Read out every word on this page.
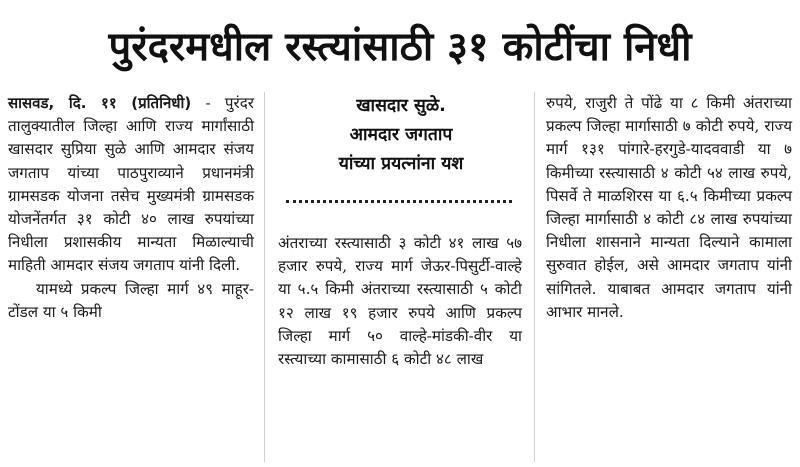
पुरंदरमधील रस्त्यांसाठी ३१ कोटींचा निधी

सासवड, दि. ११ (प्रतिनिधी) - पुरंदर तालुक्यातील जिल्हा आणि राज्य मार्गांसाठी खासदार सुप्रिया सुळे आणि आमदार संजय जगताप यांच्या पाठपुराव्याने प्रधानमंत्री ग्रामसडक योजना तसेच मुख्यमंत्री ग्रामसडक योजनेंतर्गत ३१ कोटी ४० लाख रुपयांच्या निधीला प्रशासकीय मान्यता मिळाल्याची माहिती आमदार संजय जगताप यांनी दिली.

यामध्ये प्रकल्प जिल्हा मार्ग ४९ माहूर-टोंडल या ५ किमी

खासदार सुळे.
आमदार जगताप
यांच्या प्रयत्नांना यश

अंतराच्या रस्त्यासाठी ३ कोटी ४१ लाख ५७ हजार रुपये, राज्य मार्ग जेऊर-पिसुर्टी-वाल्हे या ५.५ किमी अंतराच्या रस्त्यासाठी ५ कोटी १२ लाख १९ हजार रुपये आणि प्रकल्प जिल्हा मार्ग ५० वाल्हे-मांडकी-वीर या रस्त्याच्या कामासाठी ६ कोटी ४८ लाख

रुपये, राजुरी ते पोंढे या ८ किमी अंतराच्या प्रकल्प जिल्हा मार्गासाठी ७ कोटी रुपये, राज्य मार्ग १३१ पांगारे-हरगुडे-यादववाडी या ७ किमीच्या रस्त्यासाठी ४ कोटी ५४ लाख रुपये, पिसर्वे ते माळशिरस या ६.५ किमीच्या प्रकल्प जिल्हा मार्गासाठी ४ कोटी ८४ लाख रुपयांच्या निधीला शासनाने मान्यता दिल्याने कामाला सुरुवात होईल, असे आमदार जगताप यांनी सांगितले. याबाबत आमदार जगताप यांनी आभार मानले.
